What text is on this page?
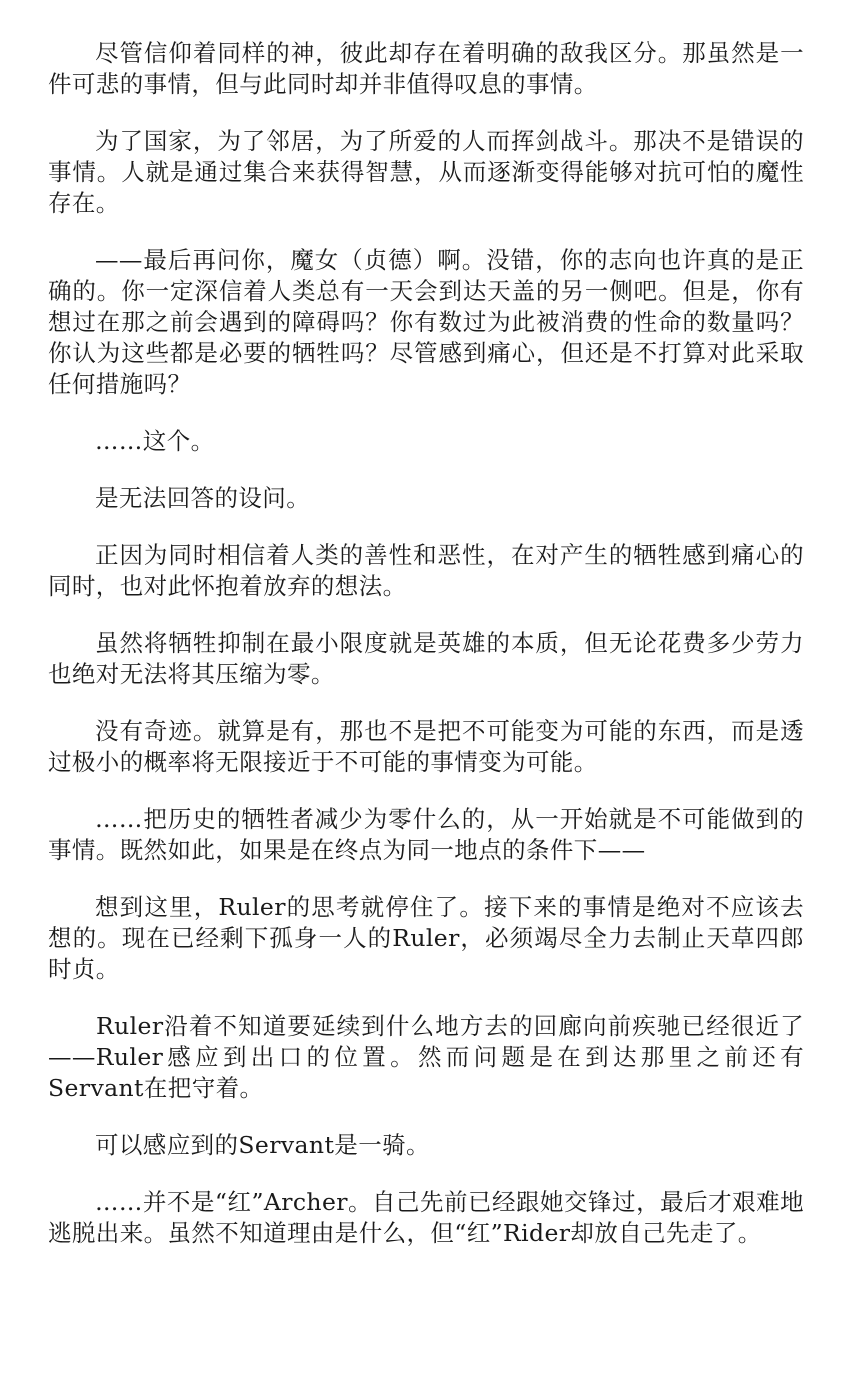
尽管信仰着同样的神，彼此却存在着明确的敌我区分。那虽然是一件可悲的事情，但与此同时却并非值得叹息的事情。

为了国家，为了邻居，为了所爱的人而挥剑战斗。那决不是错误的事情。人就是通过集合来获得智慧，从而逐渐变得能够对抗可怕的魔性存在。

——最后再问你，魔女（贞德）啊。没错，你的志向也许真的是正确的。你一定深信着人类总有一天会到达天盖的另一侧吧。但是，你有想过在那之前会遇到的障碍吗？你有数过为此被消费的性命的数量吗？你认为这些都是必要的牺牲吗？尽管感到痛心，但还是不打算对此采取任何措施吗？

……这个。

是无法回答的设问。

正因为同时相信着人类的善性和恶性，在对产生的牺牲感到痛心的同时，也对此怀抱着放弃的想法。

虽然将牺牲抑制在最小限度就是英雄的本质，但无论花费多少劳力也绝对无法将其压缩为零。

没有奇迹。就算是有，那也不是把不可能变为可能的东西，而是透过极小的概率将无限接近于不可能的事情变为可能。

……把历史的牺牲者减少为零什么的，从一开始就是不可能做到的事情。既然如此，如果是在终点为同一地点的条件下——

想到这里，Ruler的思考就停住了。接下来的事情是绝对不应该去想的。现在已经剩下孤身一人的Ruler，必须竭尽全力去制止天草四郎时贞。

Ruler沿着不知道要延续到什么地方去的回廊向前疾驰已经很近了——Ruler感应到出口的位置。然而问题是在到达那里之前还有Servant在把守着。

可以感应到的Servant是一骑。

……并不是“红”Archer。自己先前已经跟她交锋过，最后才艰难地逃脱出来。虽然不知道理由是什么，但“红”Rider却放自己先走了。
